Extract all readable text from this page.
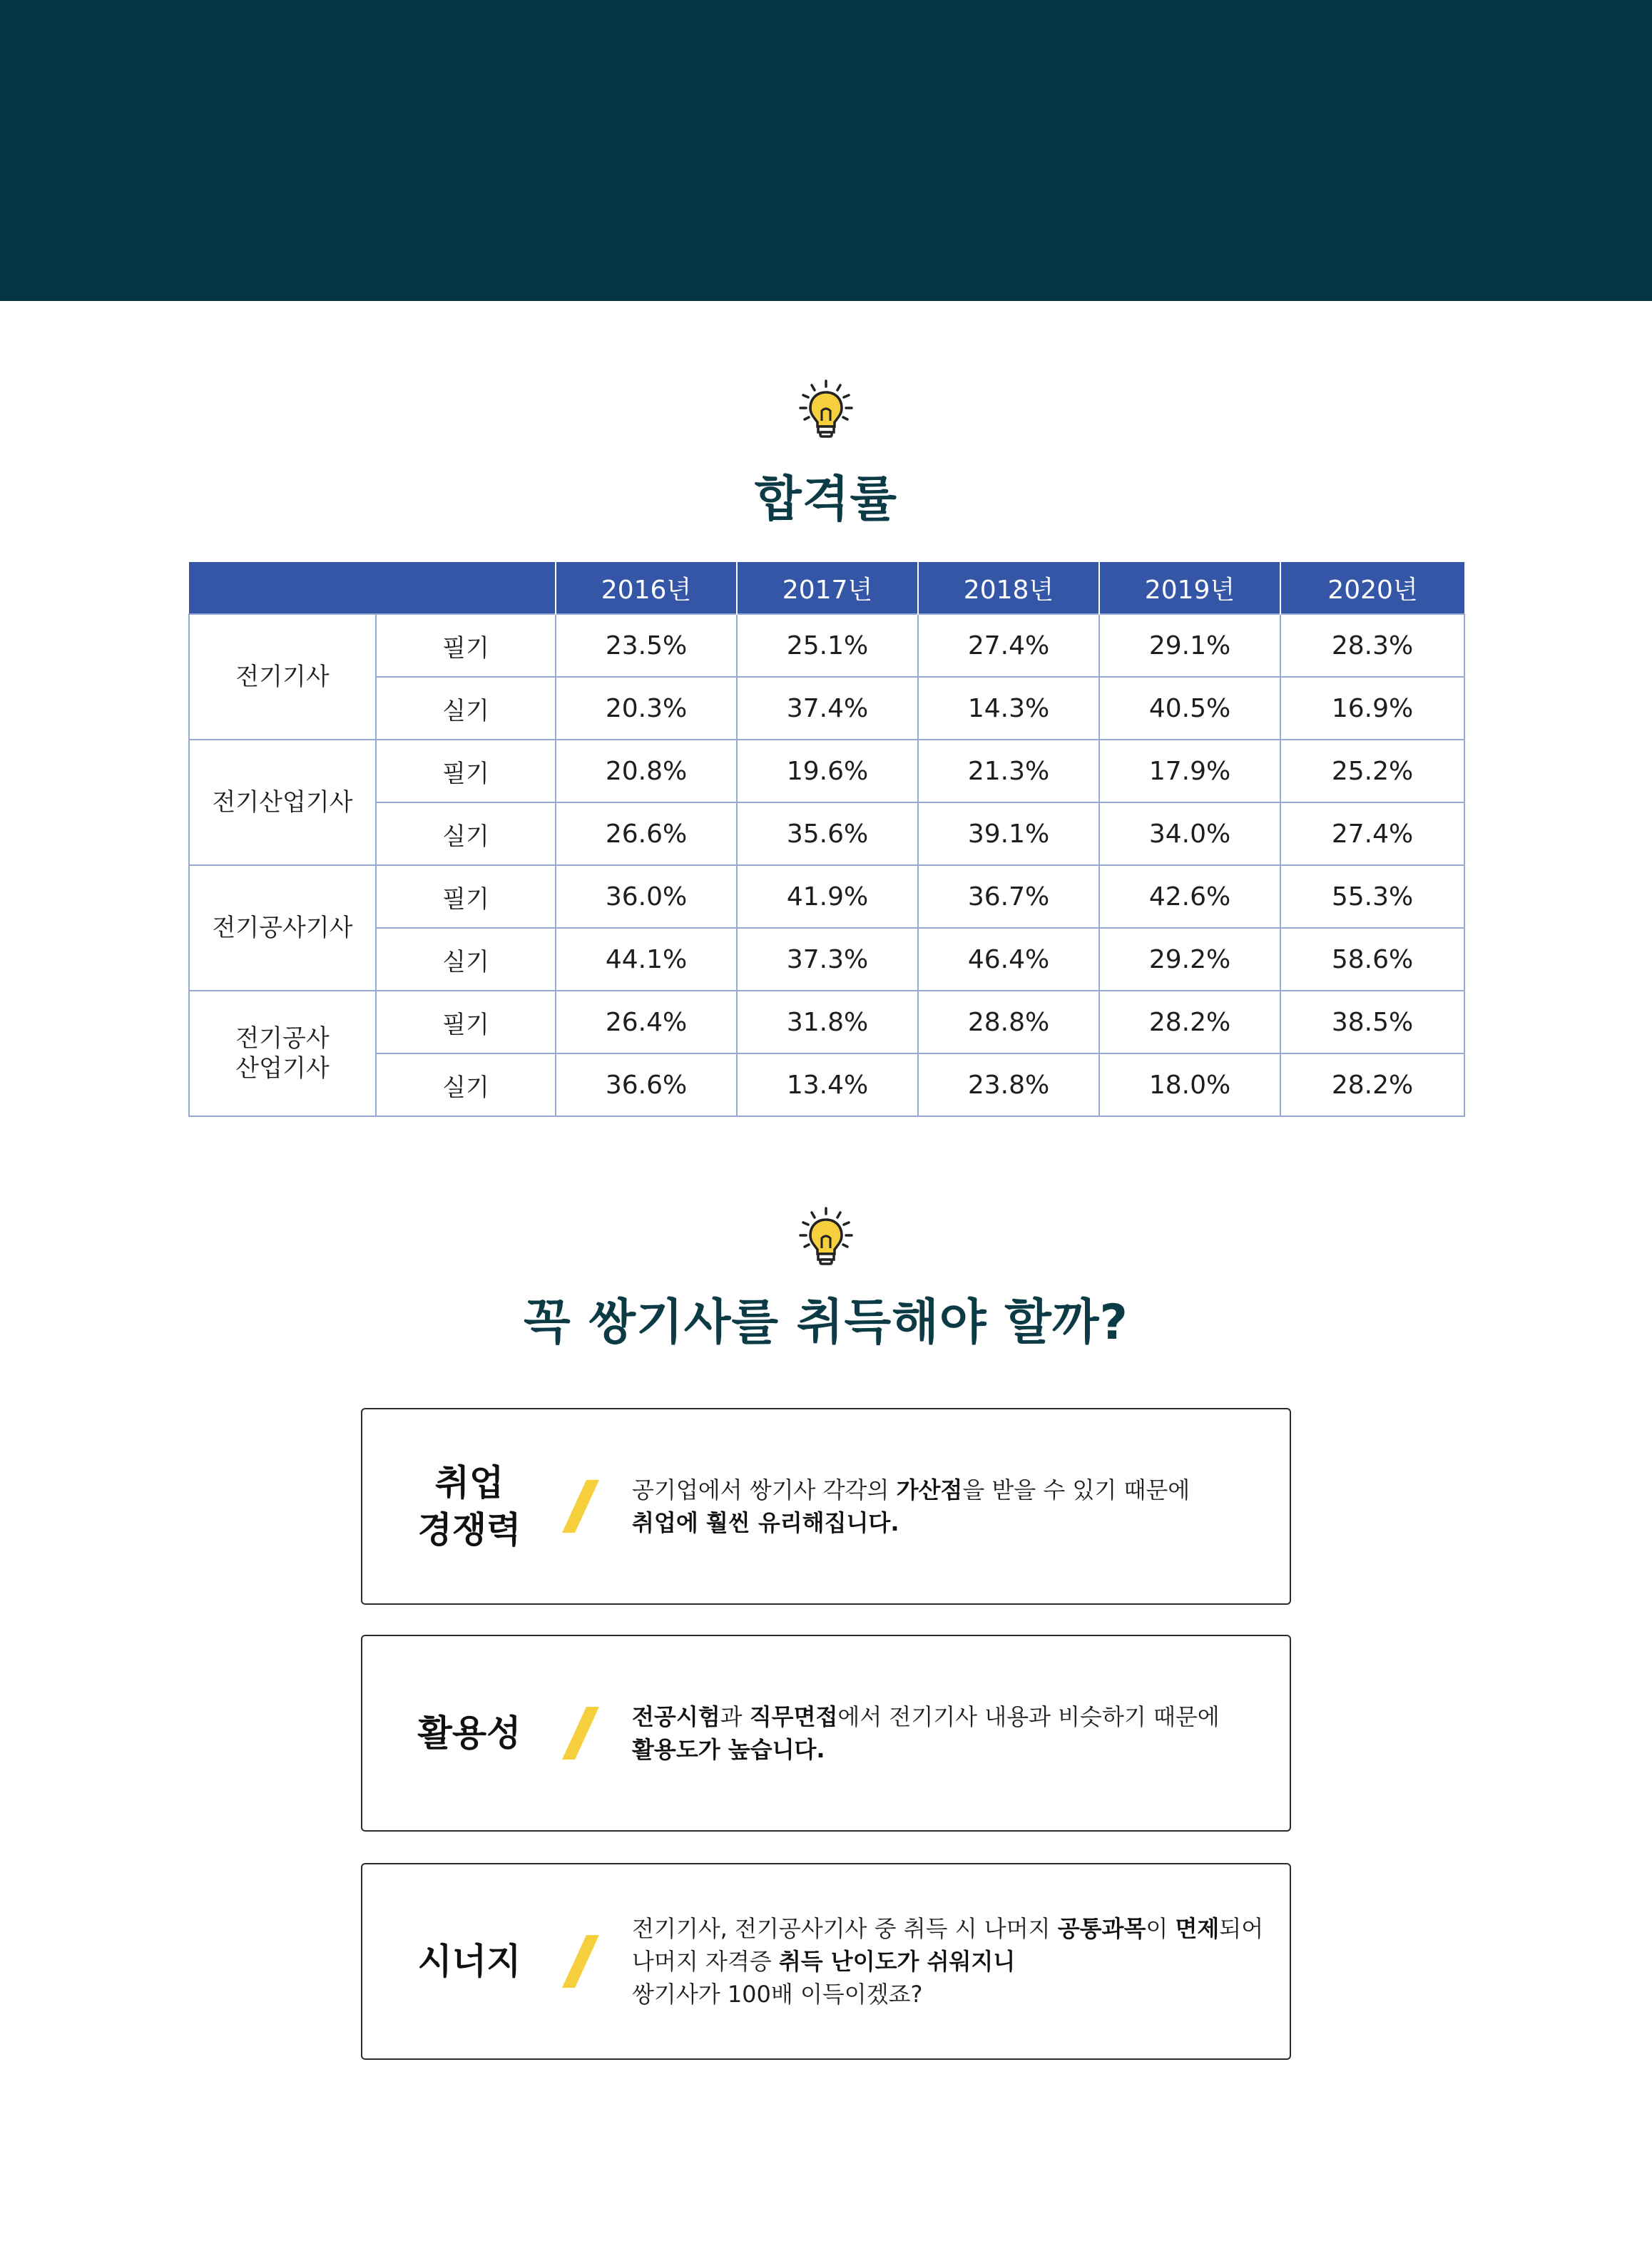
합격률
		2016년	2017년	2018년	2019년	2020년
전기기사	필기	23.5%	25.1%	27.4%	29.1%	28.3%
	실기	20.3%	37.4%	14.3%	40.5%	16.9%
전기산업기사	필기	20.8%	19.6%	21.3%	17.9%	25.2%
	실기	26.6%	35.6%	39.1%	34.0%	27.4%
전기공사기사	필기	36.0%	41.9%	36.7%	42.6%	55.3%
	실기	44.1%	37.3%	46.4%	29.2%	58.6%

전기공사
산업기사	필기	26.4%	31.8%	28.8%	28.2%	38.5%
	실기	36.6%	13.4%	23.8%	18.0%	28.2%
꼭 쌍기사를 취득해야 할까?
취업
경쟁력
공기업에서 쌍기사 각각의 가산점을 받을 수 있기 때문에
취업에 훨씬 유리해집니다.
활용성	전공시험과 직무면접에서 전기기사 내용과 비슷하기 때문에
활용도가 높습니다.
시너지
전기기사, 전기공사기사 중 취득 시 나머지 공통과목이 면제되어
나머지 자격증 취득 난이도가 쉬워지니
쌍기사가 100배 이득이겠죠?
